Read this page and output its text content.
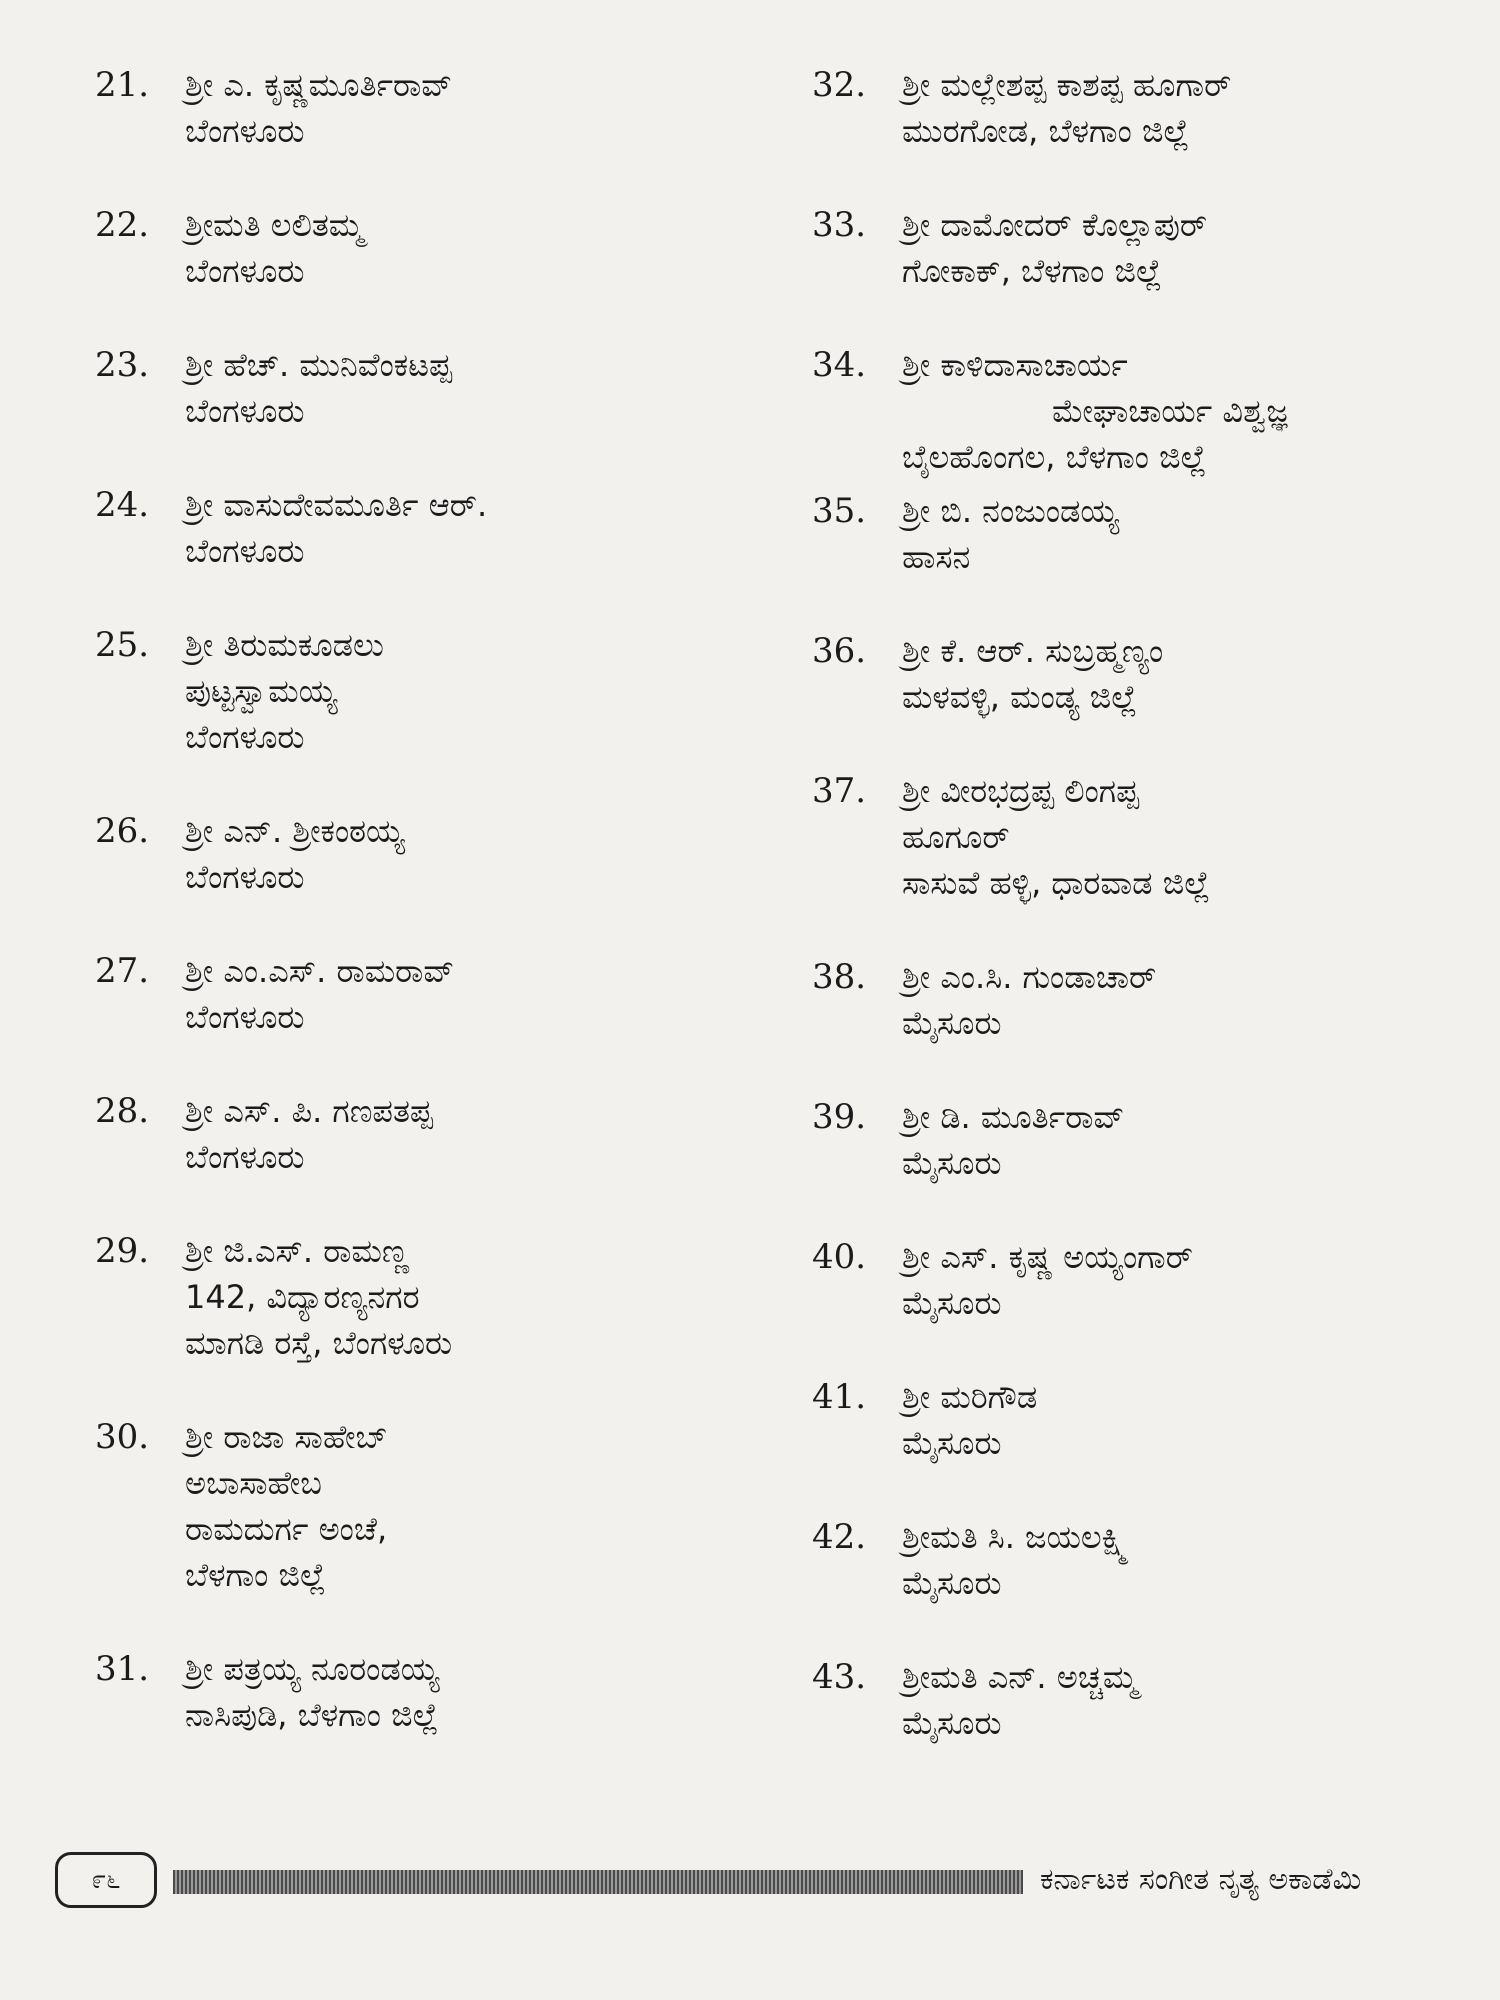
21.	ಶ್ರೀ ಎ. ಕೃಷ್ಣಮೂರ್ತಿರಾವ್
ಬೆಂಗಳೂರು
22.	ಶ್ರೀಮತಿ ಲಲಿತಮ್ಮ
ಬೆಂಗಳೂರು
23.	ಶ್ರೀ ಹೆಚ್. ಮುನಿವೆಂಕಟಪ್ಪ
ಬೆಂಗಳೂರು
24.	ಶ್ರೀ ವಾಸುದೇವಮೂರ್ತಿ ಆರ್.
ಬೆಂಗಳೂರು
25.	ಶ್ರೀ ತಿರುಮಕೂಡಲು
ಪುಟ್ಟಸ್ವಾಮಯ್ಯ
ಬೆಂಗಳೂರು
26.	ಶ್ರೀ ಎನ್. ಶ್ರೀಕಂಠಯ್ಯ
ಬೆಂಗಳೂರು
27.	ಶ್ರೀ ಎಂ.ಎಸ್. ರಾಮರಾವ್
ಬೆಂಗಳೂರು
28.	ಶ್ರೀ ಎಸ್. ಪಿ. ಗಣಪತಪ್ಪ
ಬೆಂಗಳೂರು
29.	ಶ್ರೀ ಜಿ.ಎಸ್. ರಾಮಣ್ಣ
142, ವಿದ್ಯಾರಣ್ಯನಗರ
ಮಾಗಡಿ ರಸ್ತೆ, ಬೆಂಗಳೂರು
30.	ಶ್ರೀ ರಾಜಾ ಸಾಹೇಬ್
ಅಬಾಸಾಹೇಬ
ರಾಮದುರ್ಗ ಅಂಚೆ,
ಬೆಳಗಾಂ ಜಿಲ್ಲೆ
31.	ಶ್ರೀ ಪತ್ರಯ್ಯ ನೂರಂಡಯ್ಯ
ನಾಸಿಪುಡಿ, ಬೆಳಗಾಂ ಜಿಲ್ಲೆ
32.	ಶ್ರೀ ಮಲ್ಲೇಶಪ್ಪ ಕಾಶಪ್ಪ ಹೂಗಾರ್
ಮುರಗೋಡ, ಬೆಳಗಾಂ ಜಿಲ್ಲೆ
33.	ಶ್ರೀ ದಾಮೋದರ್ ಕೊಲ್ಲಾಪುರ್
ಗೋಕಾಕ್, ಬೆಳಗಾಂ ಜಿಲ್ಲೆ
34.	ಶ್ರೀ ಕಾಳಿದಾಸಾಚಾರ್ಯ
ಮೇಘಾಚಾರ್ಯ ವಿಶ್ವಜ್ಞ
ಬೈಲಹೊಂಗಲ, ಬೆಳಗಾಂ ಜಿಲ್ಲೆ
35.	ಶ್ರೀ ಬಿ. ನಂಜುಂಡಯ್ಯ
ಹಾಸನ
36.	ಶ್ರೀ ಕೆ. ಆರ್. ಸುಬ್ರಹ್ಮಣ್ಯಂ
ಮಳವಳ್ಳಿ, ಮಂಡ್ಯ ಜಿಲ್ಲೆ
37.	ಶ್ರೀ ವೀರಭದ್ರಪ್ಪ ಲಿಂಗಪ್ಪ
ಹೂಗೂರ್
ಸಾಸುವೆ ಹಳ್ಳಿ, ಧಾರವಾಡ ಜಿಲ್ಲೆ
38.	ಶ್ರೀ ಎಂ.ಸಿ. ಗುಂಡಾಚಾರ್
ಮೈಸೂರು
39.	ಶ್ರೀ ಡಿ. ಮೂರ್ತಿರಾವ್
ಮೈಸೂರು
40.	ಶ್ರೀ ಎಸ್. ಕೃಷ್ಣ ಅಯ್ಯಂಗಾರ್
ಮೈಸೂರು
41.	ಶ್ರೀ ಮರಿಗೌಡ
ಮೈಸೂರು
42.	ಶ್ರೀಮತಿ ಸಿ. ಜಯಲಕ್ಷ್ಮಿ
ಮೈಸೂರು
43.	ಶ್ರೀಮತಿ ಎನ್. ಅಚ್ಚಮ್ಮ
ಮೈಸೂರು
೯೬	ಕರ್ನಾಟಕ ಸಂಗೀತ ನೃತ್ಯ ಅಕಾಡೆಮಿ
